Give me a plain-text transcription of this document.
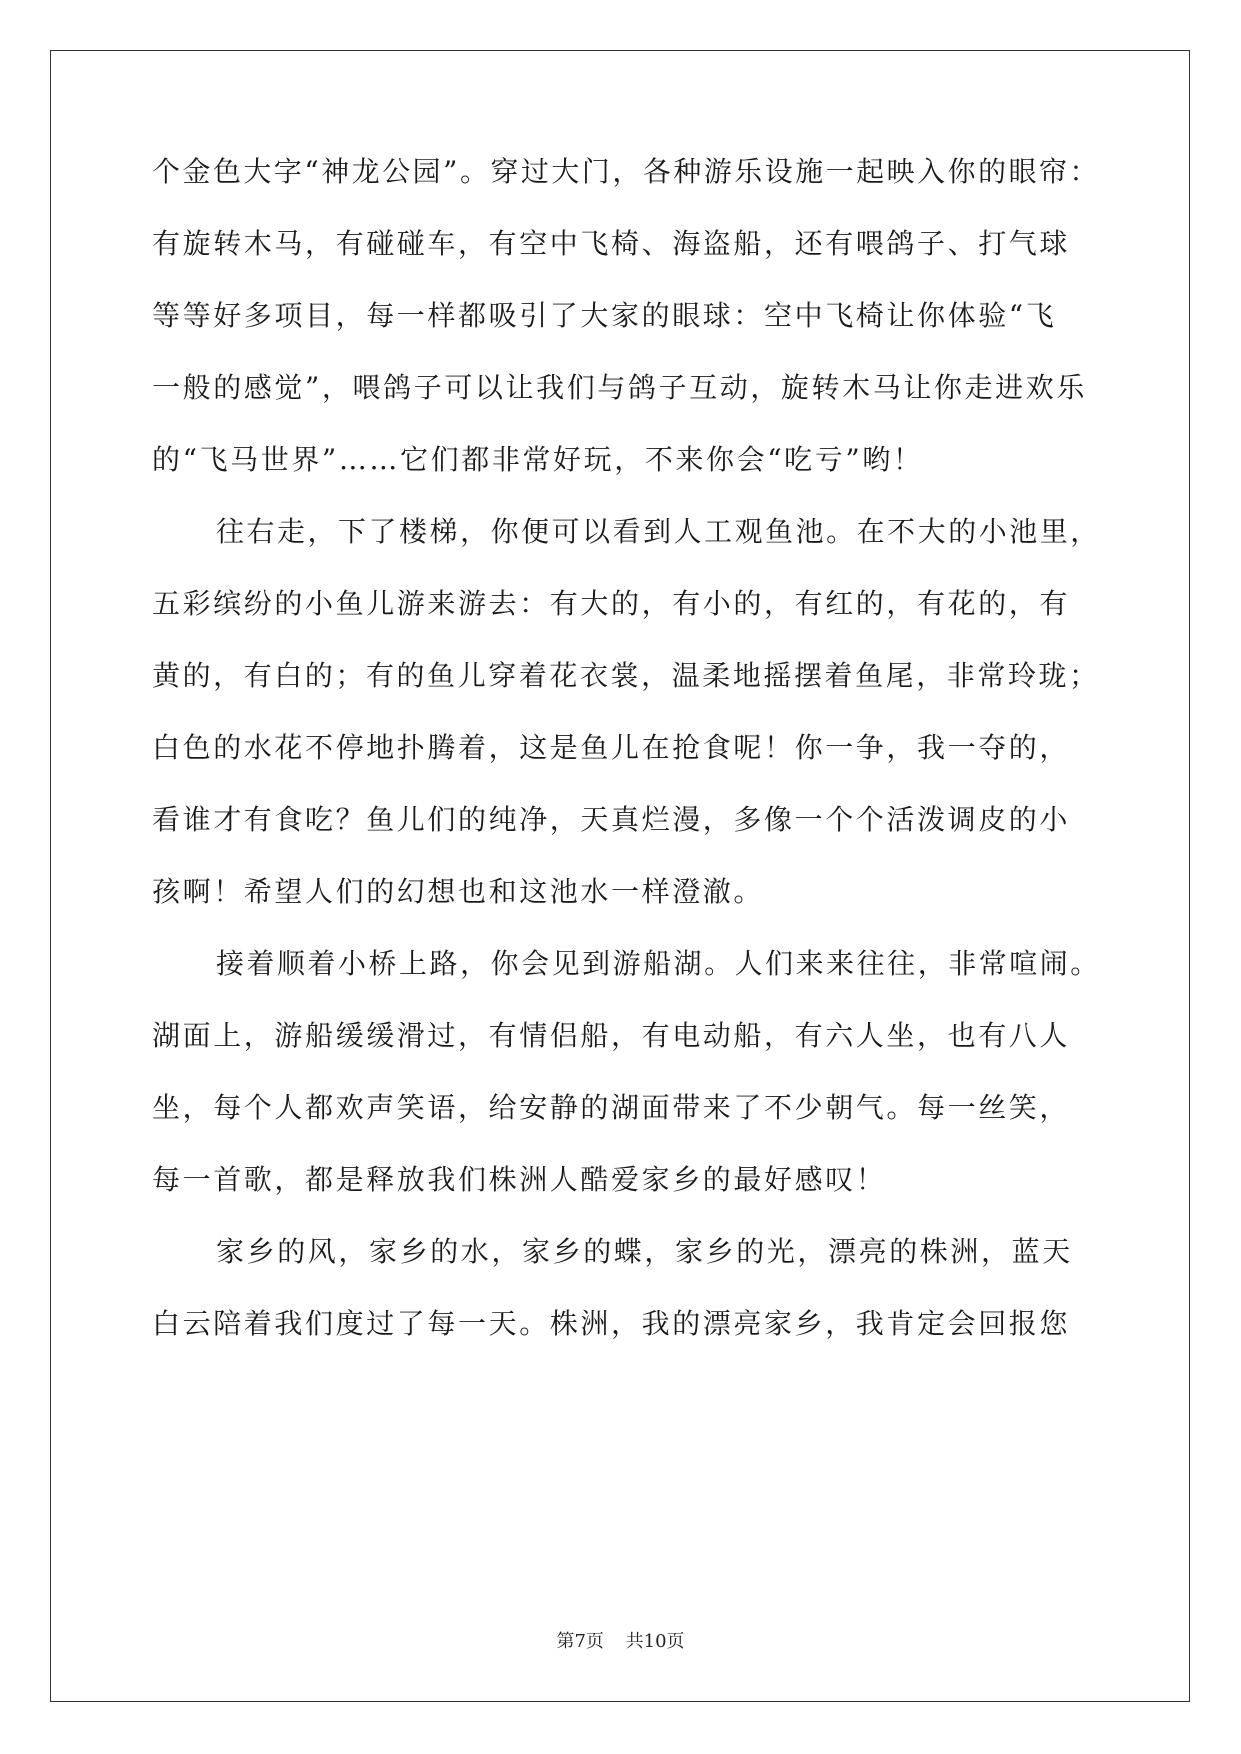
个金色大字“神龙公园”。穿过大门，各种游乐设施一起映入你的眼帘：
有旋转木马，有碰碰车，有空中飞椅、海盗船，还有喂鸽子、打气球
等等好多项目，每一样都吸引了大家的眼球：空中飞椅让你体验“飞
一般的感觉”，喂鸽子可以让我们与鸽子互动，旋转木马让你走进欢乐
的“飞马世界”……它们都非常好玩，不来你会“吃亏”哟！
往右走，下了楼梯，你便可以看到人工观鱼池。在不大的小池里，
五彩缤纷的小鱼儿游来游去：有大的，有小的，有红的，有花的，有
黄的，有白的；有的鱼儿穿着花衣裳，温柔地摇摆着鱼尾，非常玲珑；
白色的水花不停地扑腾着，这是鱼儿在抢食呢！你一争，我一夺的，
看谁才有食吃？鱼儿们的纯净，天真烂漫，多像一个个活泼调皮的小
孩啊！希望人们的幻想也和这池水一样澄澈。
接着顺着小桥上路，你会见到游船湖。人们来来往往，非常喧闹。
湖面上，游船缓缓滑过，有情侣船，有电动船，有六人坐，也有八人
坐，每个人都欢声笑语，给安静的湖面带来了不少朝气。每一丝笑，
每一首歌，都是释放我们株洲人酷爱家乡的最好感叹！
家乡的风，家乡的水，家乡的蝶，家乡的光，漂亮的株洲，蓝天
白云陪着我们度过了每一天。株洲，我的漂亮家乡，我肯定会回报您
第7页 共10页
